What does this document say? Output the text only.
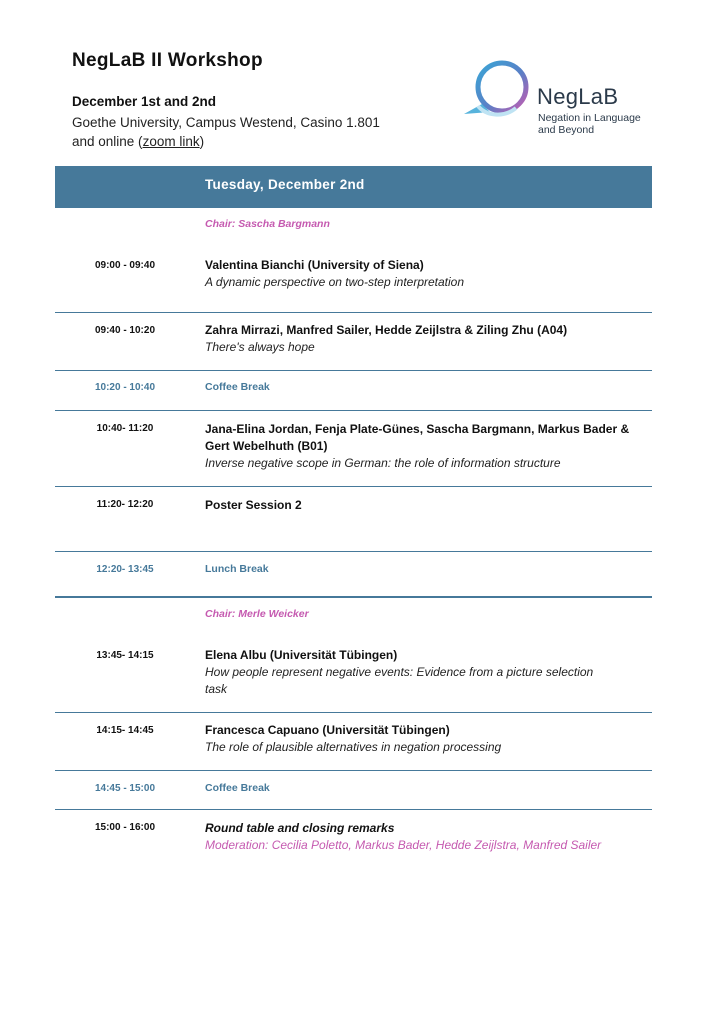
NegLaB II Workshop
December 1st and 2nd
Goethe University, Campus Westend, Casino 1.801
and online (zoom link)
NegLaB
Negation in Language
and Beyond
Tuesday, December 2nd
Chair: Sascha Bargmann
09:00 - 09:40	Valentina Bianchi (University of Siena)
A dynamic perspective on two-step interpretation
09:40 - 10:20	Zahra Mirrazi, Manfred Sailer, Hedde Zeijlstra & Ziling Zhu (A04)
There's always hope
10:20 - 10:40	Coffee Break
10:40- 11:20	Jana-Elina Jordan, Fenja Plate-Günes, Sascha Bargmann, Markus Bader &
Gert Webelhuth (B01)
Inverse negative scope in German: the role of information structure
11:20- 12:20	Poster Session 2
12:20- 13:45	Lunch Break
Chair: Merle Weicker
13:45- 14:15	Elena Albu (Universität Tübingen)
How people represent negative events: Evidence from a picture selection
task
14:15- 14:45	Francesca Capuano (Universität Tübingen)
The role of plausible alternatives in negation processing
14:45 - 15:00	Coffee Break
15:00 - 16:00	Round table and closing remarks
Moderation: Cecilia Poletto, Markus Bader, Hedde Zeijlstra, Manfred Sailer
